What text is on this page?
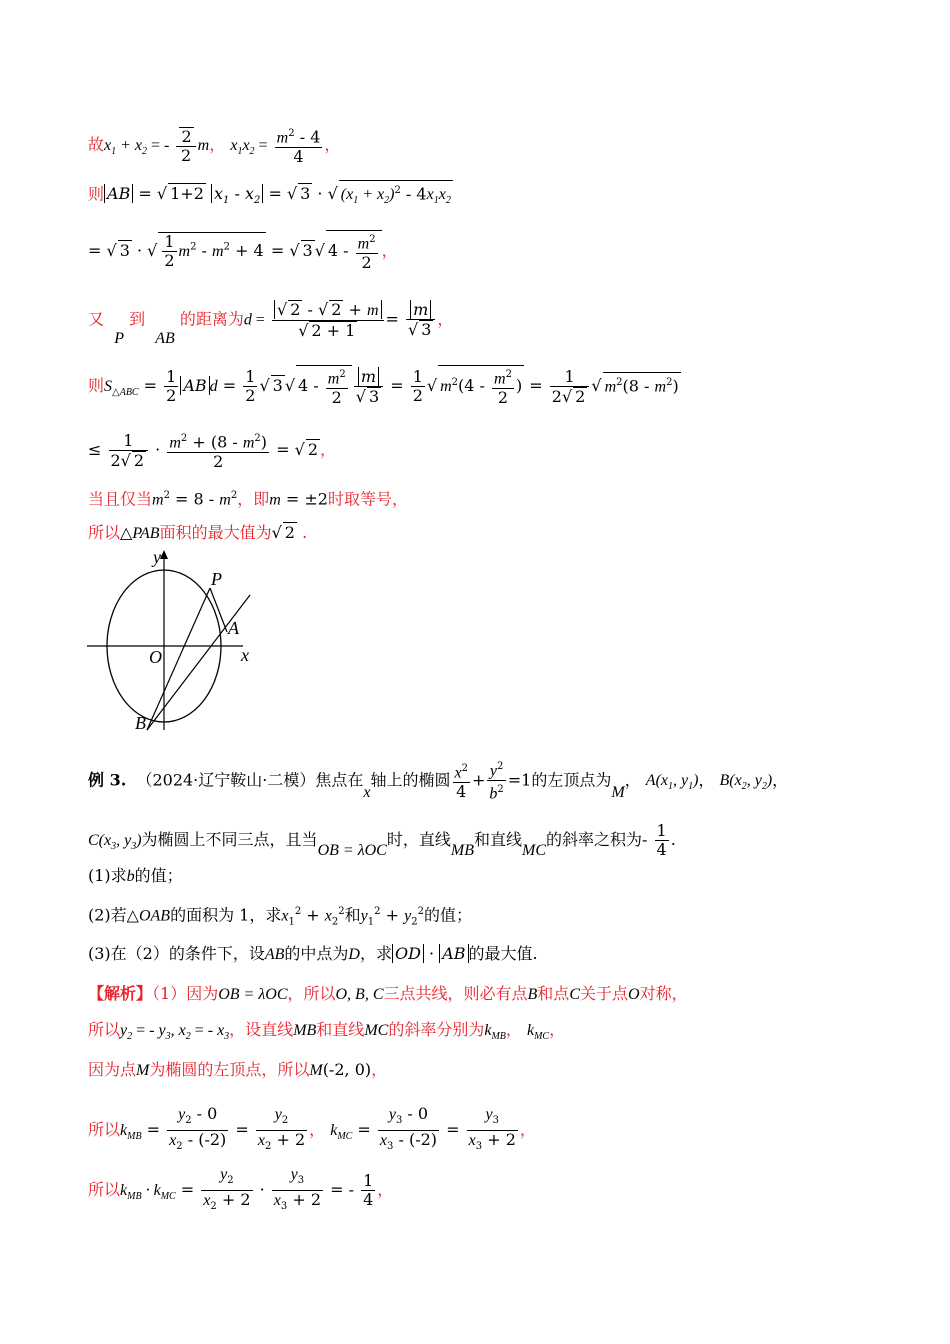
故$x_1 + x_2$ = - $\frac{2}{2}$ m， $x_1x_2 = \frac{m^2 - 4}{4}$ ，
则 AB = √ 1+2 $x_1 - x_2$ = √ 3 · √ $(x_1 + x_2)^2 - 4x_1x_2$
= √ 3 · √ $\frac{1}{2} m^2 - m^2 + 4$ = √ 3 √ $4 - \frac{m^2}{2}$ ，
又  P 到  AB 的距离为$d = \frac{√ 2 - √ 2 + m}{√ 2 + 1} = \frac{m}{√ 3}$ ，
则$S_{\triangle ABC} = \frac{1}{2}$ AB $d = \frac{1}{2}$ √ 3 √ $4 - \frac{m^2}{2} \frac{m}{√ 3} = \frac{1}{2}$ √ $m^2(4 - \frac{m^2}{2}$ ) = $\frac{1}{2√ 2}$ √ $m^2(8 - m^2)$
≤ $\frac{1}{2√ 2} \cdot \frac{m^2 + (8 - m^2)}{2}$ = √ 2 ，
当且仅当$m^2 = 8 - m^2$，即m = ±2时取等号，
所以△PAB面积的最大值为√ 2 .
y
x
O
P
A
B
例 3. （2024·辽宁鞍山·二模）焦点在x轴上的椭圆 $\frac{x^2}{4} + \frac{y^2}{b^2} =1$的左顶点为M， $A(x_1$, $y_1$)， $B(x_2$, $y_2$)，
$C(x_3$, $y_3$)为椭圆上不同三点，且当OB = λOC时，直线MB和直线MC的斜率之积为- $\frac{1}{4}$ .
(1)求b的值；
(2)若△OAB的面积为 1，求$x_1^2 + x_2^2$和$y_1^2 + y_2^2$的值；
(3)在（2）的条件下，设AB的中点为D，求 OD · AB 的最大值.
【解析】（1）因为OB = λOC，所以O, B, C三点共线，则必有点B和点C关于点O对称，
所以$y_2$ = - $y_3$, $x_2$ = - $x_3$，设直线MB和直线MC的斜率分别为$k_{MB}$， $k_{MC}$，
因为点M为椭圆的左顶点，所以M(-2, 0)，
所以$k_{MB} = \frac{y_2 - 0}{x_2 - (-2)} = \frac{y_2}{x_2 + 2}$ ， $k_{MC} = \frac{y_3 - 0}{x_3 - (-2)} = \frac{y_3}{x_3 + 2}$ ，
所以$k_{MB} \cdot k_{MC} = \frac{y_2}{x_2 + 2} \cdot \frac{y_3}{x_3 + 2}$ = - $\frac{1}{4}$ ，
